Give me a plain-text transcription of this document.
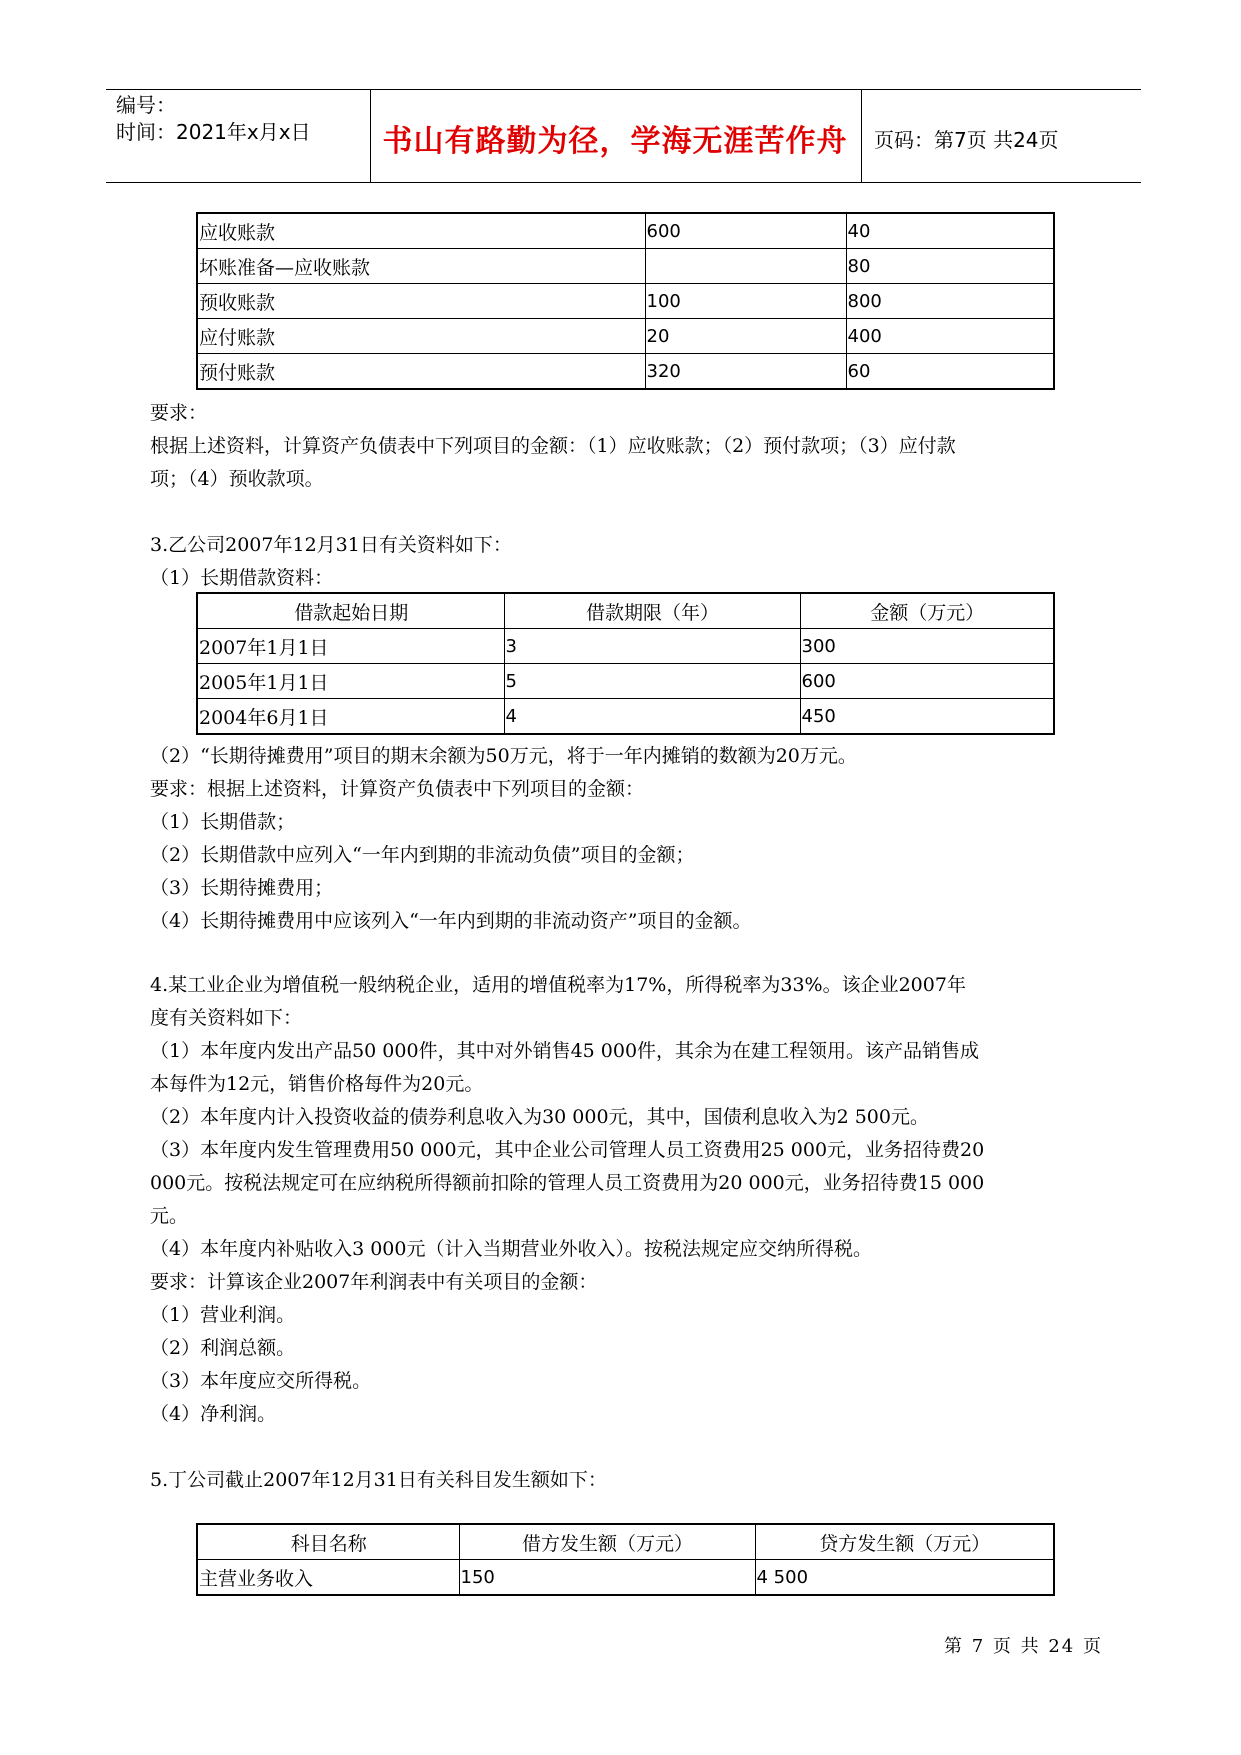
编号：
时间：2021年x月x日	书山有路勤为径，学海无涯苦作舟	页码：第7页 共24页
应收账款	600	40
坏账准备—应收账款		80
预收账款	100	800
应付账款	20	400
预付账款	320	60
要求：
根据上述资料，计算资产负债表中下列项目的金额：（1）应收账款；（2）预付款项；（3）应付款
项；（4）预收款项。
3.乙公司2007年12月31日有关资料如下：
（1）长期借款资料：
借款起始日期	借款期限（年）	金额（万元）
2007年1月1日	3	300
2005年1月1日	5	600
2004年6月1日	4	450
（2）“长期待摊费用”项目的期末余额为50万元，将于一年内摊销的数额为20万元。
要求：根据上述资料，计算资产负债表中下列项目的金额：
（1）长期借款；
（2）长期借款中应列入“一年内到期的非流动负债”项目的金额；
（3）长期待摊费用；
（4）长期待摊费用中应该列入“一年内到期的非流动资产”项目的金额。
4.某工业企业为增值税一般纳税企业，适用的增值税率为17%，所得税率为33%。该企业2007年
度有关资料如下：
（1）本年度内发出产品50 000件，其中对外销售45 000件，其余为在建工程领用。该产品销售成
本每件为12元，销售价格每件为20元。
（2）本年度内计入投资收益的债券利息收入为30 000元，其中，国债利息收入为2 500元。
（3）本年度内发生管理费用50 000元，其中企业公司管理人员工资费用25 000元，业务招待费20
000元。按税法规定可在应纳税所得额前扣除的管理人员工资费用为20 000元，业务招待费15 000
元。
（4）本年度内补贴收入3 000元（计入当期营业外收入）。按税法规定应交纳所得税。
要求：计算该企业2007年利润表中有关项目的金额：
（1）营业利润。
（2）利润总额。
（3）本年度应交所得税。
（4）净利润。
5.丁公司截止2007年12月31日有关科目发生额如下：
科目名称	借方发生额（万元）	贷方发生额（万元）
主营业务收入	150	4 500
第 7 页 共 24 页
